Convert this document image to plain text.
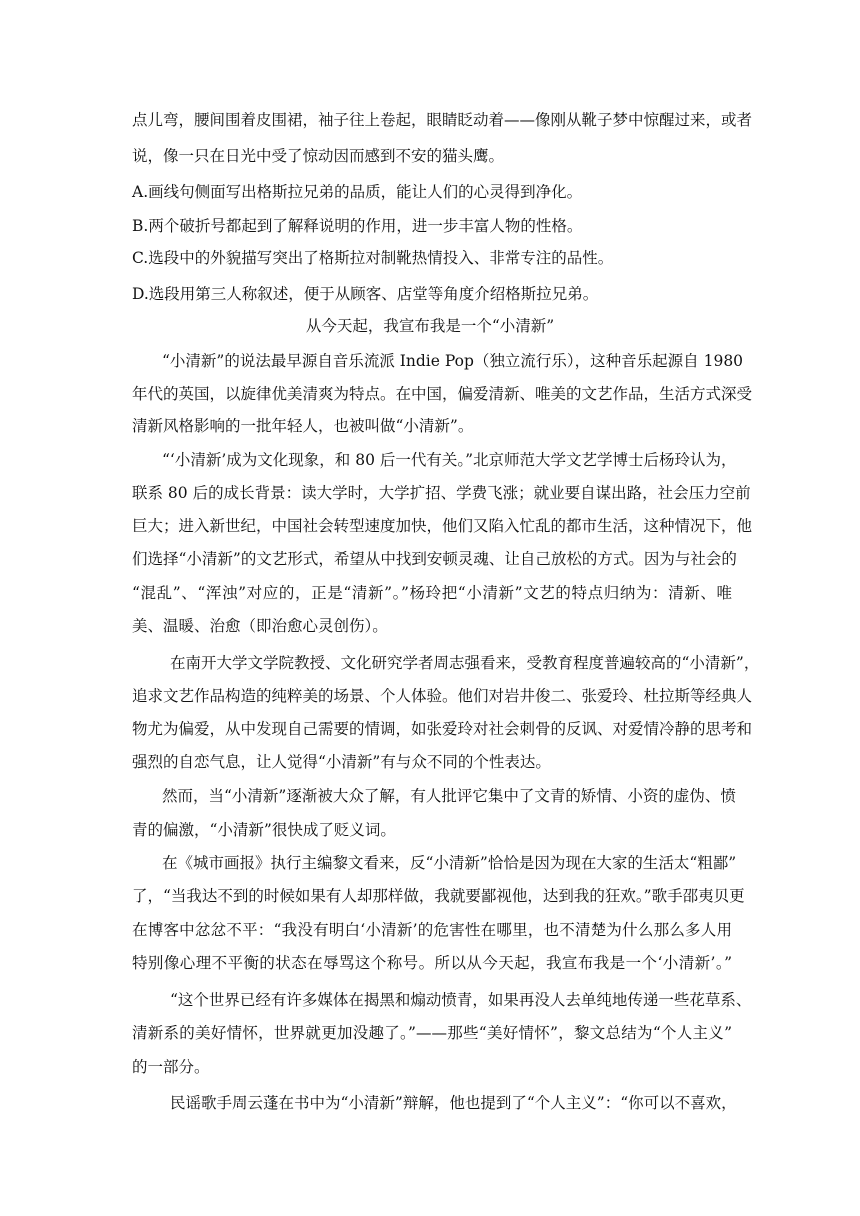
点儿弯，腰间围着皮围裙，袖子往上卷起，眼睛眨动着——像刚从靴子梦中惊醒过来，或者
说，像一只在日光中受了惊动因而感到不安的猫头鹰。
A.画线句侧面写出格斯拉兄弟的品质，能让人们的心灵得到净化。
B.两个破折号都起到了解释说明的作用，进一步丰富人物的性格。
C.选段中的外貌描写突出了格斯拉对制靴热情投入、非常专注的品性。
D.选段用第三人称叙述，便于从顾客、店堂等角度介绍格斯拉兄弟。
从今天起，我宣布我是一个“小清新”
“小清新”的说法最早源自音乐流派 Indie Pop（独立流行乐），这种音乐起源自 1980
年代的英国，以旋律优美清爽为特点。在中国，偏爱清新、唯美的文艺作品，生活方式深受
清新风格影响的一批年轻人，也被叫做“小清新”。
“‘小清新’成为文化现象，和 80 后一代有关。”北京师范大学文艺学博士后杨玲认为，
联系 80 后的成长背景：读大学时，大学扩招、学费飞涨；就业要自谋出路，社会压力空前
巨大；进入新世纪，中国社会转型速度加快，他们又陷入忙乱的都市生活，这种情况下，他
们选择“小清新”的文艺形式，希望从中找到安顿灵魂、让自己放松的方式。因为与社会的
“混乱”、“浑浊”对应的，正是“清新”。”杨玲把“小清新”文艺的特点归纳为：清新、唯
美、温暖、治愈（即治愈心灵创伤）。
在南开大学文学院教授、文化研究学者周志强看来，受教育程度普遍较高的“小清新”，
追求文艺作品构造的纯粹美的场景、个人体验。他们对岩井俊二、张爱玲、杜拉斯等经典人
物尤为偏爱，从中发现自己需要的情调，如张爱玲对社会刺骨的反讽、对爱情冷静的思考和
强烈的自恋气息，让人觉得“小清新”有与众不同的个性表达。
然而，当“小清新”逐渐被大众了解，有人批评它集中了文青的矫情、小资的虚伪、愤
青的偏激，“小清新”很快成了贬义词。
在《城市画报》执行主编黎文看来，反“小清新”恰恰是因为现在大家的生活太“粗鄙”
了，“当我达不到的时候如果有人却那样做，我就要鄙视他，达到我的狂欢。”歌手邵夷贝更
在博客中忿忿不平：“我没有明白‘小清新’的危害性在哪里，也不清楚为什么那么多人用
特别像心理不平衡的状态在辱骂这个称号。所以从今天起，我宣布我是一个‘小清新’。”
“这个世界已经有许多媒体在揭黑和煽动愤青，如果再没人去单纯地传递一些花草系、
清新系的美好情怀，世界就更加没趣了。”——那些“美好情怀”，黎文总结为“个人主义”
的一部分。
民谣歌手周云蓬在书中为“小清新”辩解，他也提到了“个人主义”：“你可以不喜欢，
